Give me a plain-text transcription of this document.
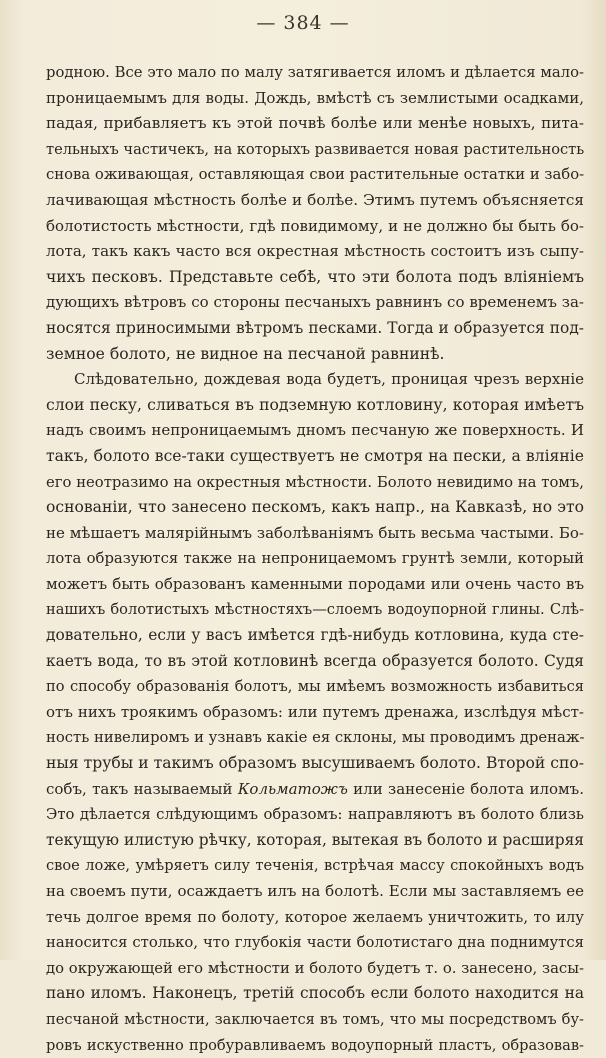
— 384 —
родною. Все это мало по малу затягивается иломъ и дѣлается мало-
проницаемымъ для воды. Дождь, вмѣстѣ съ землистыми осадками,
падая, прибавляетъ къ этой почвѣ болѣе или менѣе новыхъ, пита-
тельныхъ частичекъ, на которыхъ развивается новая растительность
снова оживающая, оставляющая свои растительные остатки и забо-
лачивающая мѣстность болѣе и болѣе. Этимъ путемъ объясняется
болотистость мѣстности, гдѣ повидимому, и не должно бы быть бо-
лота, такъ какъ часто вся окрестная мѣстность состоитъ изъ сыпу-
чихъ песковъ. Представьте себѣ, что эти болота подъ вліяніемъ
дующихъ вѣтровъ со стороны песчаныхъ равнинъ со временемъ за-
носятся приносимыми вѣтромъ песками. Тогда и образуется под-
земное болото, не видное на песчаной равнинѣ.
Слѣдовательно, дождевая вода будетъ, проницая чрезъ верхніе
слои песку, сливаться въ подземную котловину, которая имѣетъ
надъ своимъ непроницаемымъ дномъ песчаную же поверхность. И
такъ, болото все-таки существуетъ не смотря на пески, а вліяніе
его неотразимо на окрестныя мѣстности. Болото невидимо на томъ,
основаніи, что занесено пескомъ, какъ напр., на Кавказѣ, но это
не мѣшаетъ малярійнымъ заболѣваніямъ быть весьма частыми. Бо-
лота образуются также на непроницаемомъ грунтѣ земли, который
можетъ быть образованъ каменными породами или очень часто въ
нашихъ болотистыхъ мѣстностяхъ—слоемъ водоупорной глины. Слѣ-
довательно, если у васъ имѣется гдѣ-нибудь котловина, куда сте-
каетъ вода, то въ этой котловинѣ всегда образуется болото. Судя
по способу образованія болотъ, мы имѣемъ возможность избавиться
отъ нихъ троякимъ образомъ: или путемъ дренажа, изслѣдуя мѣст-
ность нивелиромъ и узнавъ какіе ея склоны, мы проводимъ дренаж-
ныя трубы и такимъ образомъ высушиваемъ болото. Второй спо-
собъ, такъ называемый Кольматожъ или занесеніе болота иломъ.
Это дѣлается слѣдующимъ образомъ: направляютъ въ болото близь
текущую илистую рѣчку, которая, вытекая въ болото и расширяя
свое ложе, умѣряетъ силу теченія, встрѣчая массу спокойныхъ водъ
на своемъ пути, осаждаетъ илъ на болотѣ. Если мы заставляемъ ее
течь долгое время по болоту, которое желаемъ уничтожить, то илу
наносится столько, что глубокія части болотистаго дна поднимутся
до окружающей его мѣстности и болото будетъ т. о. занесено, засы-
пано иломъ. Наконецъ, третій способъ если болото находится на
песчаной мѣстности, заключается въ томъ, что мы посредствомъ бу-
ровъ искуственно пробуравливаемъ водоупорный пластъ, образовав-
